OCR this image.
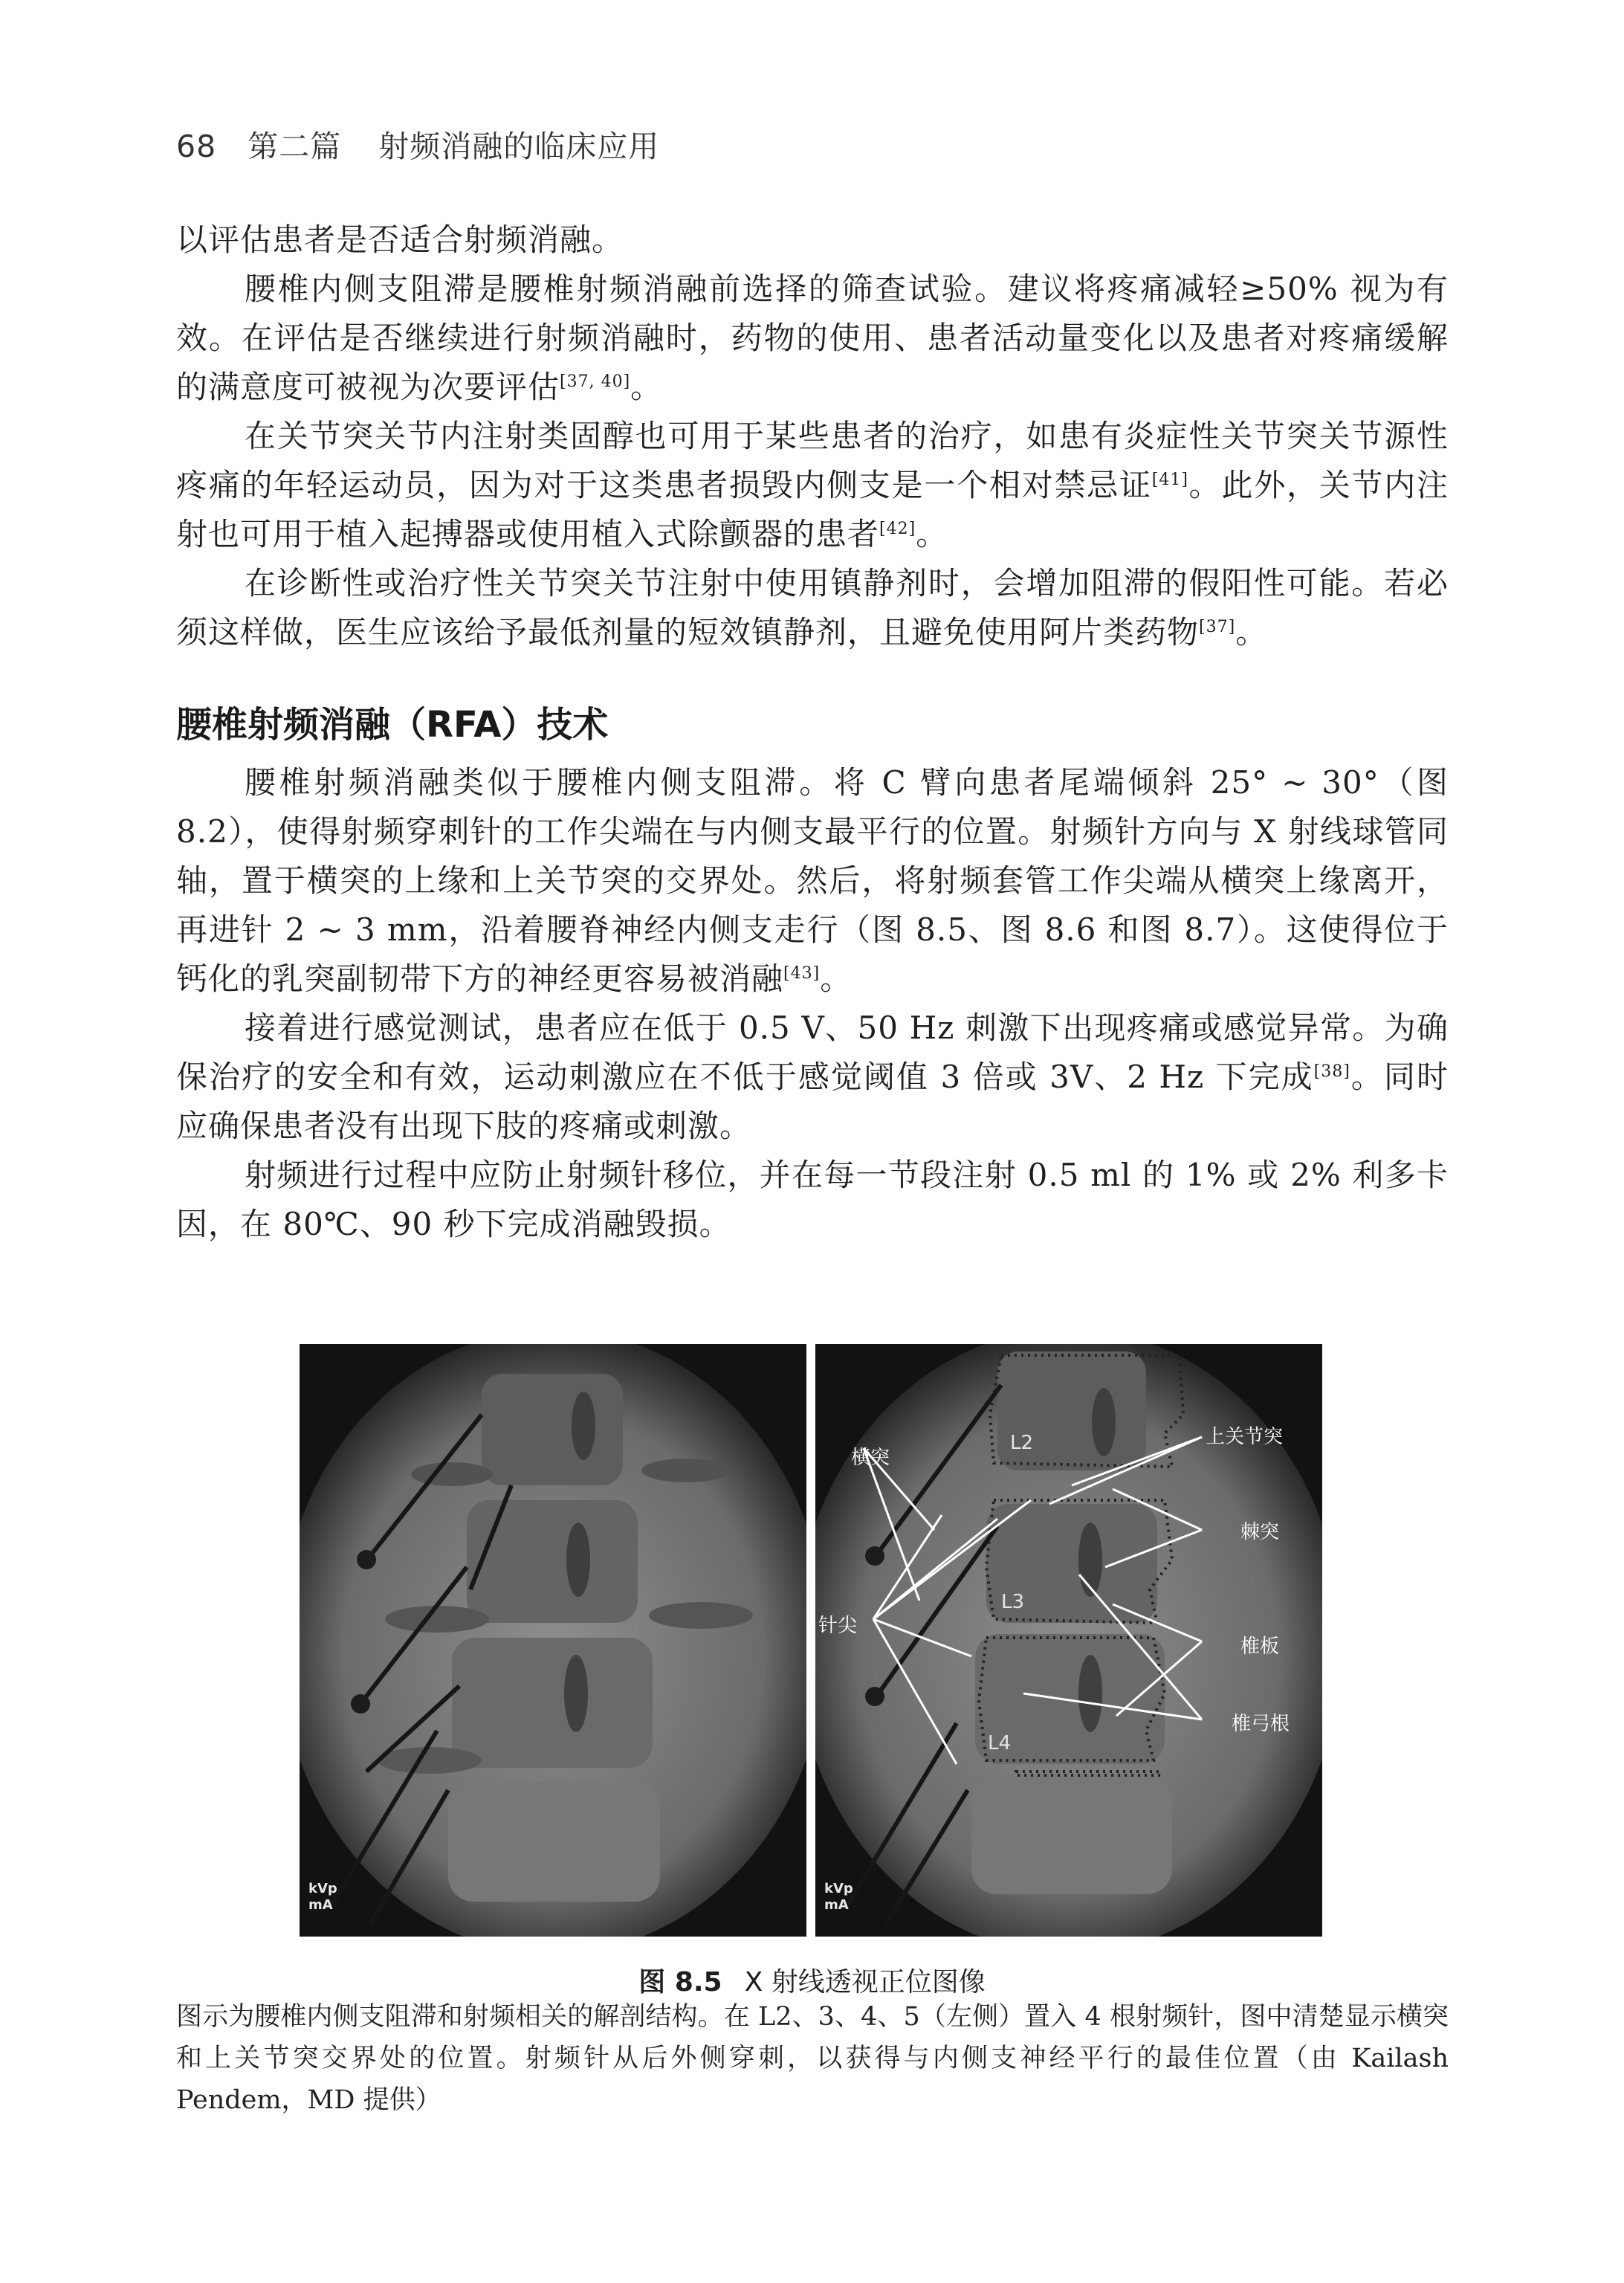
68 第二篇 射频消融的临床应用

以评估患者是否适合射频消融。

腰椎内侧支阻滞是腰椎射频消融前选择的筛查试验。建议将疼痛减轻≥50% 视为有效。在评估是否继续进行射频消融时，药物的使用、患者活动量变化以及患者对疼痛缓解的满意度可被视为次要评估[37, 40]。

在关节突关节内注射类固醇也可用于某些患者的治疗，如患有炎症性关节突关节源性疼痛的年轻运动员，因为对于这类患者损毁内侧支是一个相对禁忌证[41]。此外，关节内注射也可用于植入起搏器或使用植入式除颤器的患者[42]。

在诊断性或治疗性关节突关节注射中使用镇静剂时，会增加阻滞的假阳性可能。若必须这样做，医生应该给予最低剂量的短效镇静剂，且避免使用阿片类药物[37]。

腰椎射频消融（RFA）技术

腰椎射频消融类似于腰椎内侧支阻滞。将 C 臂向患者尾端倾斜 25° ~ 30°（图 8.2），使得射频穿刺针的工作尖端在与内侧支最平行的位置。射频针方向与 X 射线球管同轴，置于横突的上缘和上关节突的交界处。然后，将射频套管工作尖端从横突上缘离开，再进针 2 ~ 3 mm，沿着腰脊神经内侧支走行（图 8.5、图 8.6 和图 8.7）。这使得位于钙化的乳突副韧带下方的神经更容易被消融[43]。

接着进行感觉测试，患者应在低于 0.5 V、50 Hz 刺激下出现疼痛或感觉异常。为确保治疗的安全和有效，运动刺激应在不低于感觉阈值 3 倍或 3V、2 Hz 下完成[38]。同时应确保患者没有出现下肢的疼痛或刺激。

射频进行过程中应防止射频针移位，并在每一节段注射 0.5 ml 的 1% 或 2% 利多卡因，在 80℃、90 秒下完成消融毁损。

kVp
mA
横突
针尖
上关节突
棘突
椎板
椎弓根
L2
L3
L4
kVp
mA
图 8.5 X 射线透视正位图像
图示为腰椎内侧支阻滞和射频相关的解剖结构。在 L2、3、4、5（左侧）置入 4 根射频针，图中清楚显示横突和上关节突交界处的位置。射频针从后外侧穿刺，以获得与内侧支神经平行的最佳位置（由 Kailash Pendem，MD 提供）
